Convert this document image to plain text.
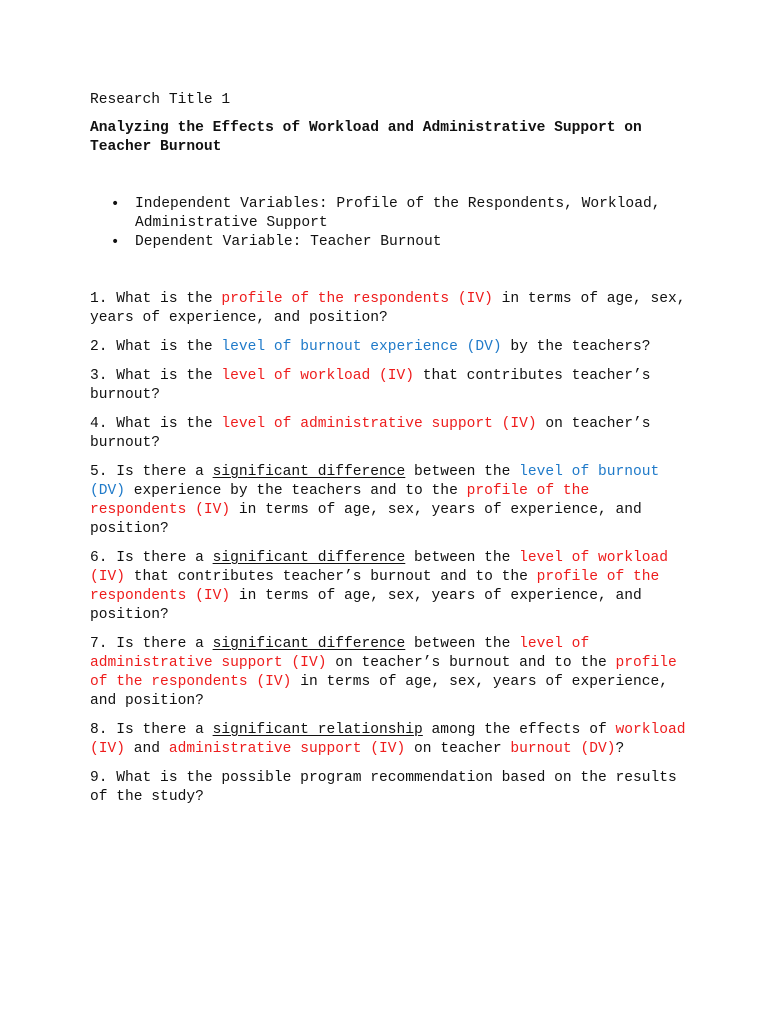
Research Title 1

Analyzing the Effects of Workload and Administrative Support on Teacher Burnout

• Independent Variables: Profile of the Respondents, Workload, Administrative Support
• Dependent Variable: Teacher Burnout

1. What is the profile of the respondents (IV) in terms of age, sex, years of experience, and position?

2. What is the level of burnout experience (DV) by the teachers?

3. What is the level of workload (IV) that contributes teacher’s burnout?

4. What is the level of administrative support (IV) on teacher’s burnout?

5. Is there a significant difference between the level of burnout (DV) experience by the teachers and to the profile of the respondents (IV) in terms of age, sex, years of experience, and position?

6. Is there a significant difference between the level of workload (IV) that contributes teacher’s burnout and to the profile of the respondents (IV) in terms of age, sex, years of experience, and position?

7. Is there a significant difference between the level of administrative support (IV) on teacher’s burnout and to the profile of the respondents (IV) in terms of age, sex, years of experience, and position?

8. Is there a significant relationship among the effects of workload (IV) and administrative support (IV) on teacher burnout (DV)?

9. What is the possible program recommendation based on the results of the study?
